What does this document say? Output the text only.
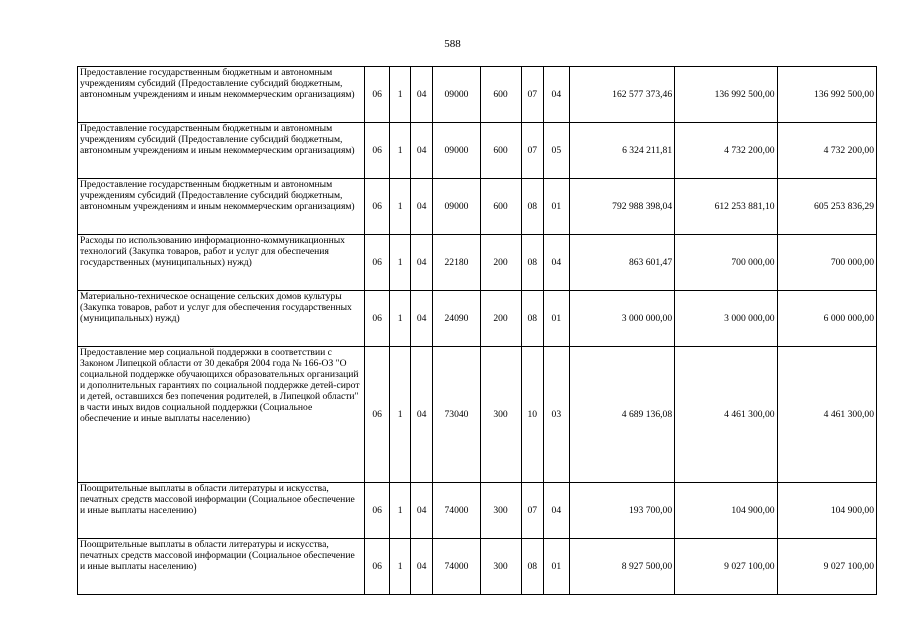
588
Предоставление государственным бюджетным и автономным учреждениям субсидий (Предоставление субсидий бюджетным, автономным учреждениям и иным некоммерческим организациям)	06	1	04	09000	600	07	04	162 577 373,46	136 992 500,00	136 992 500,00
Предоставление государственным бюджетным и автономным учреждениям субсидий (Предоставление субсидий бюджетным, автономным учреждениям и иным некоммерческим организациям)	06	1	04	09000	600	07	05	6 324 211,81	4 732 200,00	4 732 200,00
Предоставление государственным бюджетным и автономным учреждениям субсидий (Предоставление субсидий бюджетным, автономным учреждениям и иным некоммерческим организациям)	06	1	04	09000	600	08	01	792 988 398,04	612 253 881,10	605 253 836,29
Расходы по использованию информационно-коммуникационных технологий (Закупка товаров, работ и услуг для обеспечения государственных (муниципальных) нужд)	06	1	04	22180	200	08	04	863 601,47	700 000,00	700 000,00
Материально-техническое оснащение сельских домов культуры (Закупка товаров, работ и услуг для обеспечения государственных (муниципальных) нужд)	06	1	04	24090	200	08	01	3 000 000,00	3 000 000,00	6 000 000,00
Предоставление мер социальной поддержки в соответствии с Законом Липецкой области от 30 декабря 2004 года № 166-ОЗ "О социальной поддержке обучающихся образовательных организаций и дополнительных гарантиях по социальной поддержке детей-сирот и детей, оставшихся без попечения родителей, в Липецкой области" в части иных видов социальной поддержки (Социальное обеспечение и иные выплаты населению)	06	1	04	73040	300	10	03	4 689 136,08	4 461 300,00	4 461 300,00
Поощрительные выплаты в области литературы и искусства, печатных средств массовой информации (Социальное обеспечение и иные выплаты населению)	06	1	04	74000	300	07	04	193 700,00	104 900,00	104 900,00
Поощрительные выплаты в области литературы и искусства, печатных средств массовой информации (Социальное обеспечение и иные выплаты населению)	06	1	04	74000	300	08	01	8 927 500,00	9 027 100,00	9 027 100,00
